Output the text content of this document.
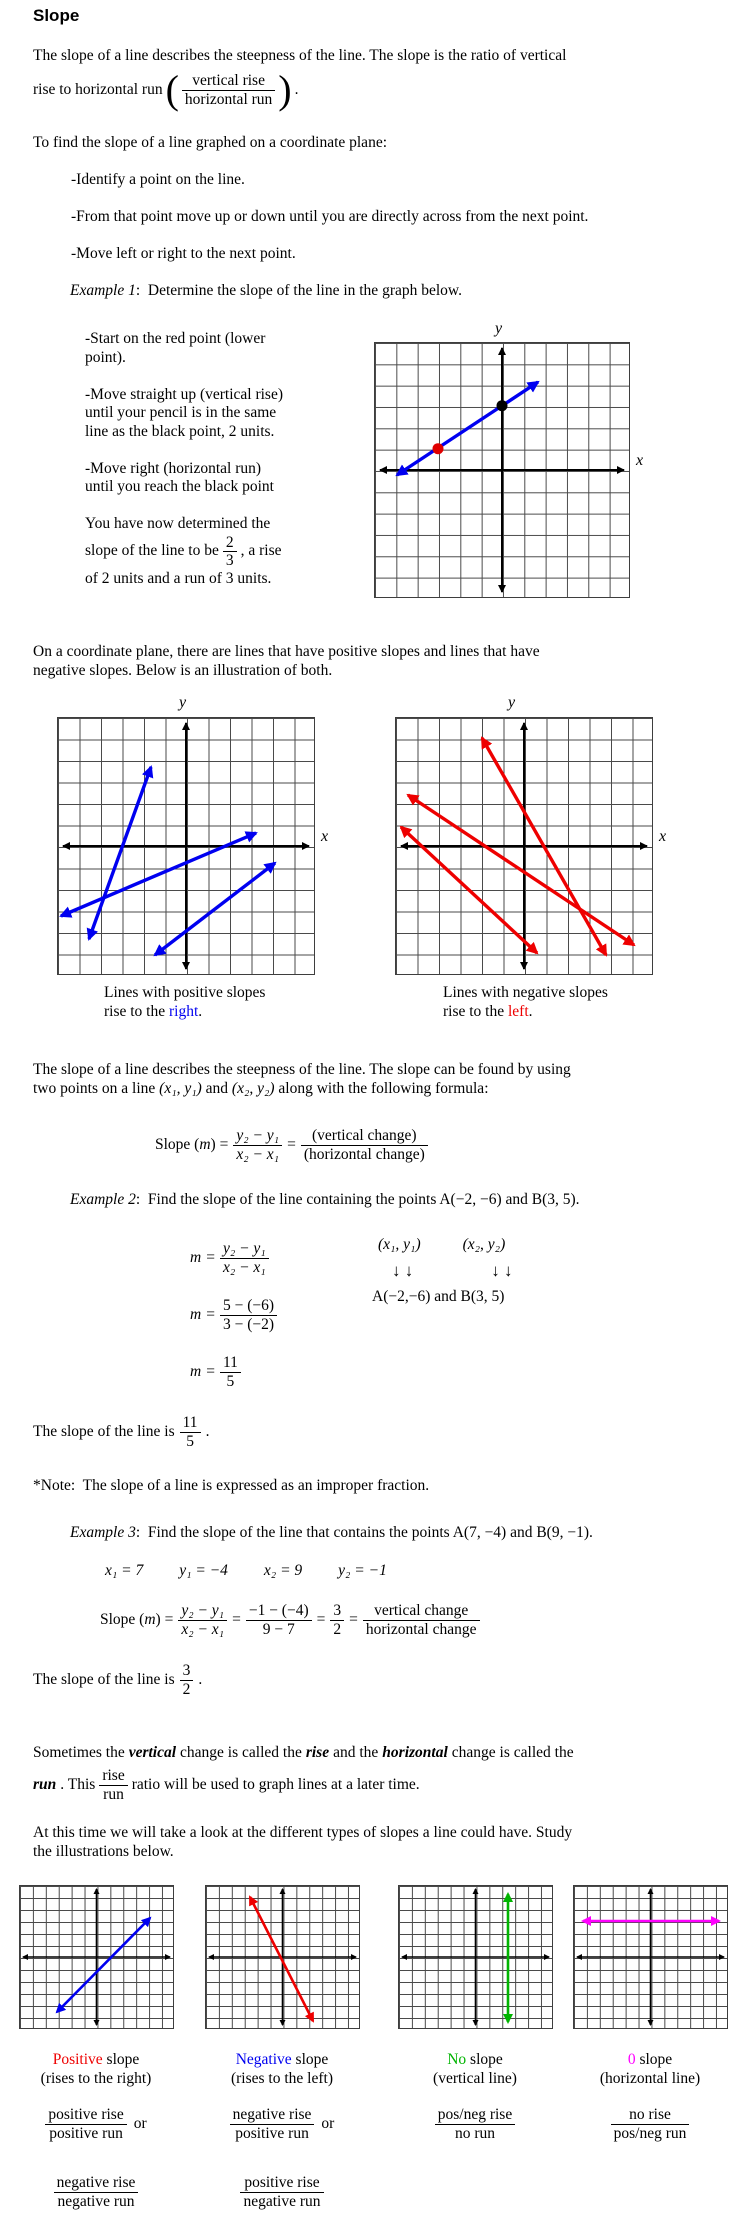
Slope
The slope of a line describes the steepness of the line. The slope is the ratio of vertical
rise to horizontal run ( $\frac{\text{vertical rise}}{\text{horizontal run}}$ ) .
To find the slope of a line graphed on a coordinate plane:
-Identify a point on the line.
-From that point move up or down until you are directly across from the next point.
-Move left or right to the next point.
Example 1:  Determine the slope of the line in the graph below.
-Start on the red point (lower
point).
-Move straight up (vertical rise)
until your pencil is in the same
line as the black point, 2 units.
-Move right (horizontal run)
until you reach the black point
You have now determined the
slope of the line to be $\frac{2}{3}$ , a rise
of 2 units and a run of 3 units.
y
x
On a coordinate plane, there are lines that have positive slopes and lines that have
negative slopes. Below is an illustration of both.
y
x
y
x
Lines with positive slopes
rise to the right.
Lines with negative slopes
rise to the left.
The slope of a line describes the steepness of the line. The slope can be found by using
two points on a line (x₁, y₁) and (x₂, y₂) along with the following formula:
Slope $(m) = \frac{\text{y₂ − y₁}}{\text{x₂ − x₁}} = \frac{\text{(vertical change)}}{\text{(horizontal change)}}$
Example 2:  Find the slope of the line containing the points A(−2, −6) and B(3, 5).
$m = \frac{\text{y₂ − y₁}}{\text{x₂ − x₁}}$
$m = \frac{5 - (-6)}{3 - (-2)}$
$m = \frac{11}{5}$
(x₁, y₁)	(x₂, y₂)
↓ ↓	↓ ↓
A(−2,−6) and B(3, 5)
The slope of the line is $\frac{11}{5}$ .
*Note:  The slope of a line is expressed as an improper fraction.
Example 3:  Find the slope of the line that contains the points A(7, −4) and B(9, −1).
x₁ = 7 y₁ = −4 x₂ = 9 y₂ = −1
Slope $(m) = \frac{\text{y₂ − y₁}}{\text{x₂ − x₁}} = \frac{-1 - (-4)}{9 - 7} = \frac{3}{2} = \frac{\text{vertical change}}{\text{horizontal change}}$
The slope of the line is $\frac{3}{2}$ .
Sometimes the vertical change is called the rise and the horizontal change is called the
run . This $\frac{\text{rise}}{\text{run}}$ ratio will be used to graph lines at a later time.
At this time we will take a look at the different types of slopes a line could have. Study
the illustrations below.
Positive slope
(rises to the right)
Negative slope
(rises to the left)
No slope
(vertical line)
0 slope
(horizontal line)
$\frac{\text{positive rise}}{\text{positive run}}$ or	$\frac{\text{negative rise}}{\text{positive run}}$ or	$\frac{\text{pos/neg rise}}{\text{no run}}$	$\frac{\text{no rise}}{\text{pos/neg run}}$
$\frac{\text{negative rise}}{\text{negative run}}$	$\frac{\text{positive rise}}{\text{negative run}}$
